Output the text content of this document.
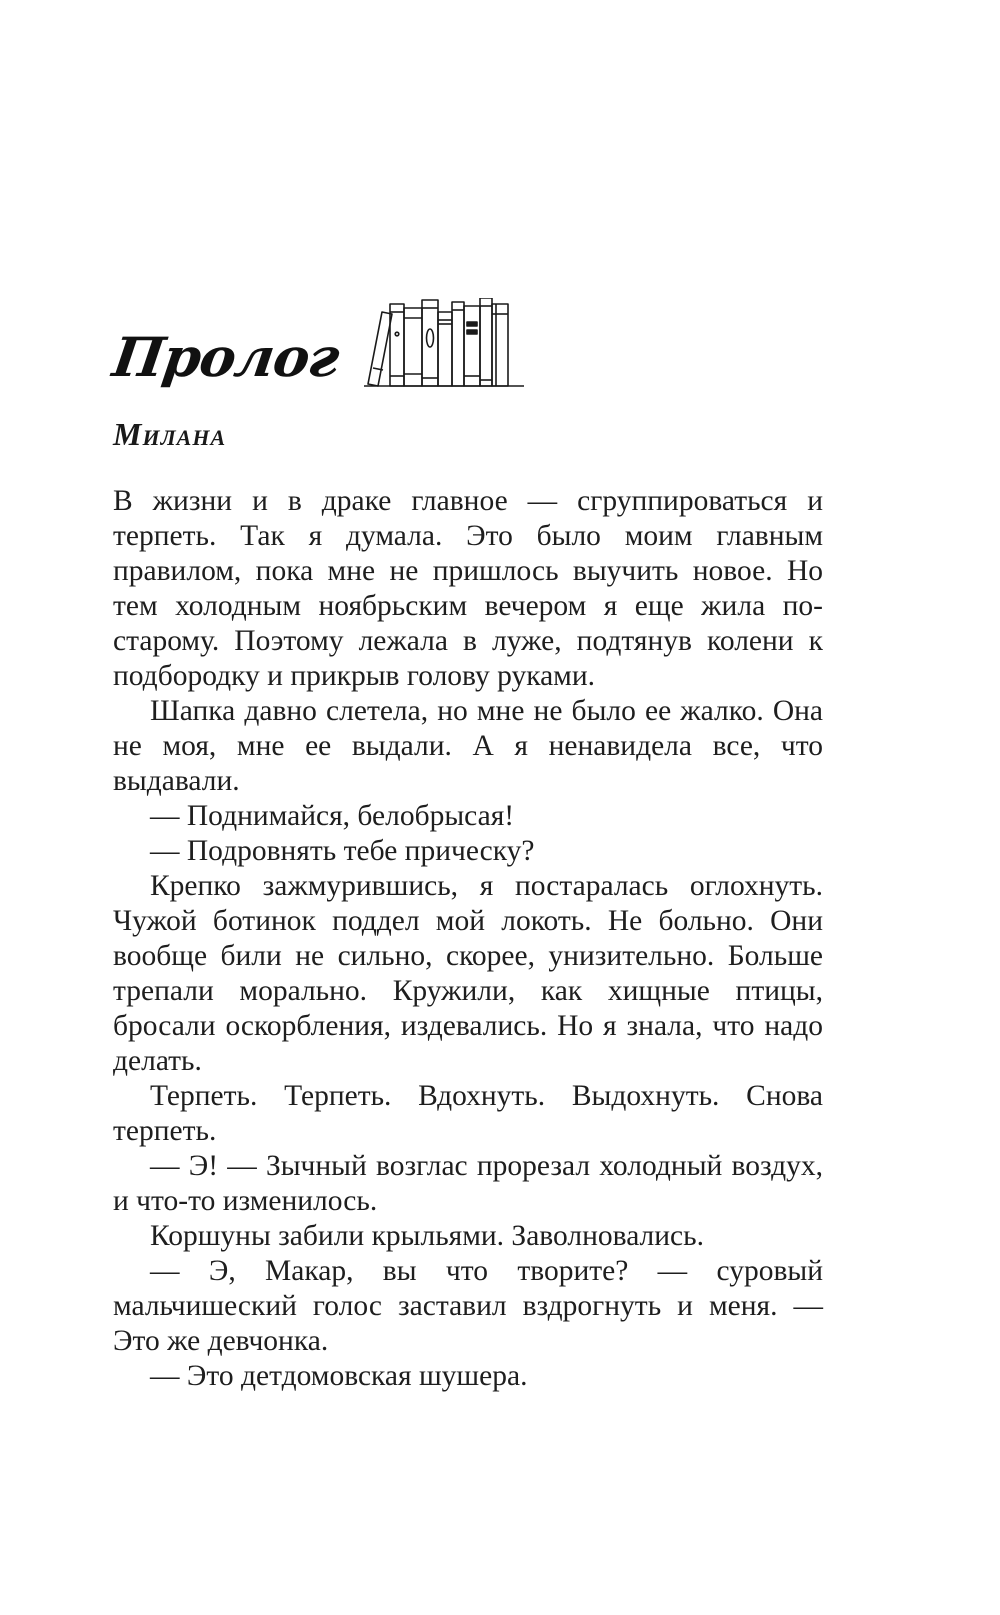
Пролог
Милана

В жизни и в драке главное — сгруппироваться и терпеть. Так я думала. Это было моим главным правилом, пока мне не пришлось выучить новое. Но тем холодным ноябрьским вечером я еще жила по-старому. Поэтому лежала в луже, подтянув колени к подбородку и прикрыв голову руками.

Шапка давно слетела, но мне не было ее жалко. Она не моя, мне ее выдали. А я ненавидела все, что выдавали.

— Поднимайся, белобрысая!

— Подровнять тебе прическу?

Крепко зажмурившись, я постаралась оглохнуть. Чужой ботинок поддел мой локоть. Не больно. Они вообще били не сильно, скорее, унизительно. Больше трепали морально. Кружили, как хищные птицы, бросали оскорбления, издевались. Но я знала, что надо делать.

Терпеть. Терпеть. Вдохнуть. Выдохнуть. Снова терпеть.

— Э! — Зычный возглас прорезал холодный воздух, и что-то изменилось.

Коршуны забили крыльями. Заволновались.

— Э, Макар, вы что творите? — суровый мальчишеский голос заставил вздрогнуть и меня. — Это же девчонка.

— Это детдомовская шушера.
